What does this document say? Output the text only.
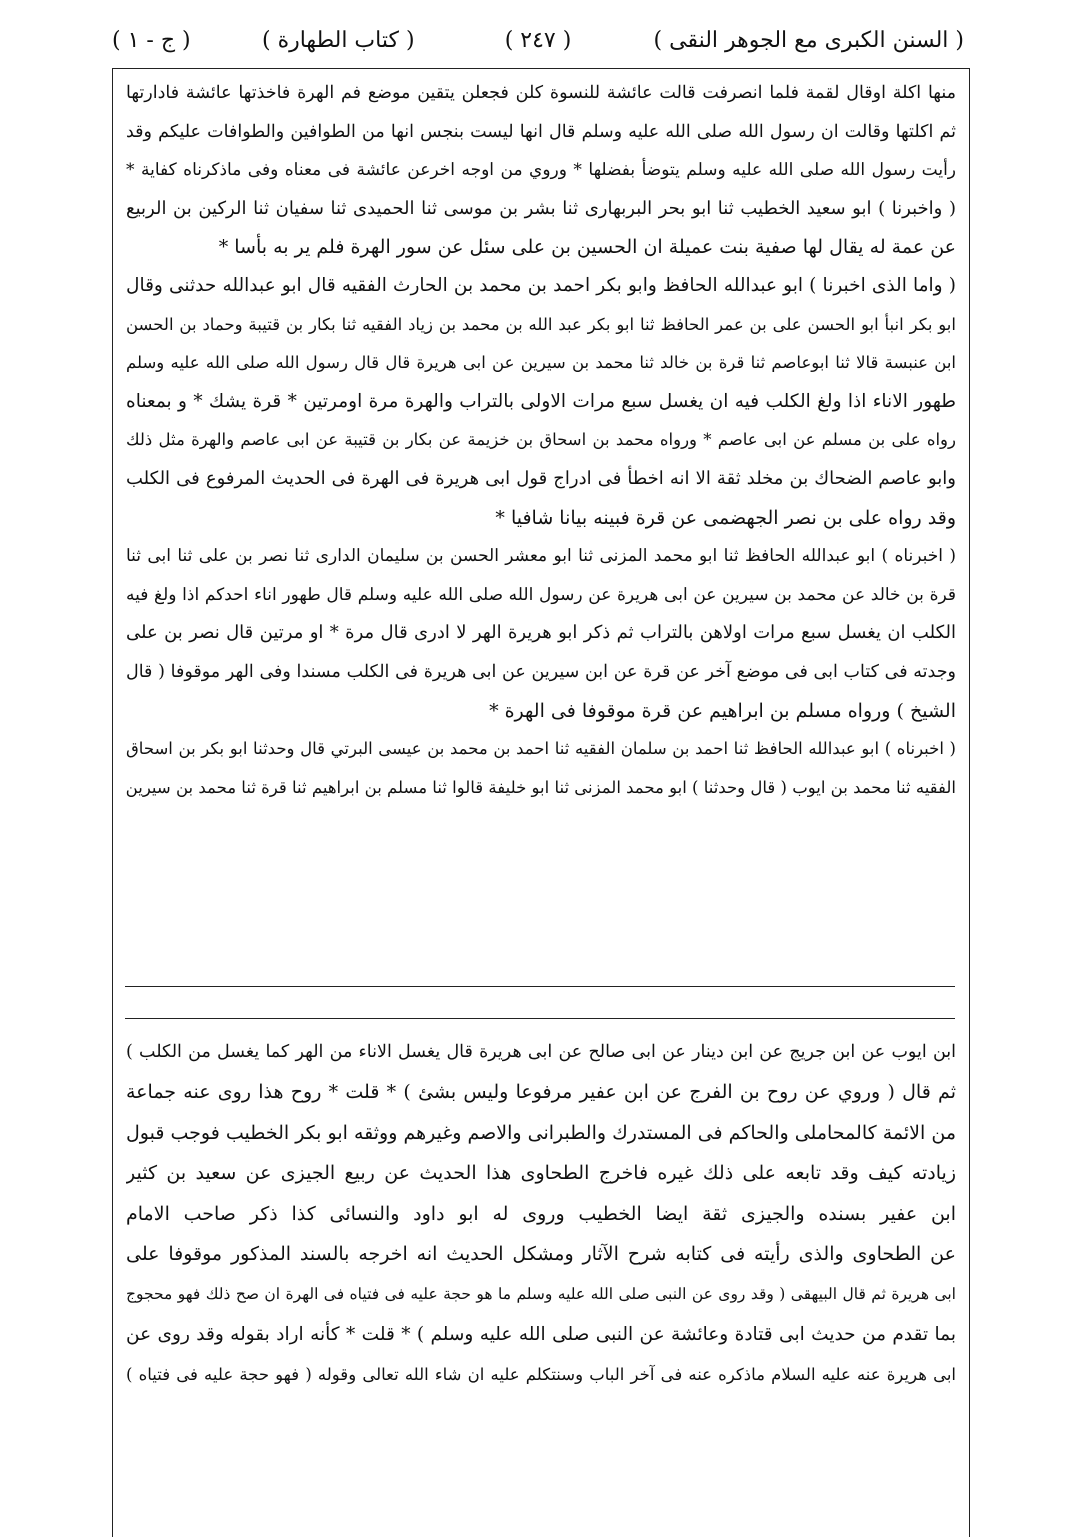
( السنن الكبرى مع الجوهر النقى )
( ٢٤٧ )
( كتاب الطهارة )
( ج - ١ )
منها اكلة اوقال لقمة فلما انصرفت قالت عائشة للنسوة كلن فجعلن يتقين موضع فم الهرة فاخذتها عائشة فادارتها
ثم اكلتها وقالت ان رسول الله صلى الله عليه وسلم قال انها ليست بنجس انها من الطوافين والطوافات عليكم وقد
رأيت رسول الله صلى الله عليه وسلم يتوضأ بفضلها * وروي من اوجه اخرعن عائشة فى معناه وفى ماذكرناه كفاية *
( واخبرنا ) ابو سعيد الخطيب ثنا ابو بحر البربهارى ثنا بشر بن موسى ثنا الحميدى ثنا سفيان ثنا الركين بن الربيع
عن عمة له يقال لها صفية بنت عميلة ان الحسين بن على سئل عن سور الهرة فلم ير به بأسا *
( واما الذى اخبرنا ) ابو عبدالله الحافظ وابو بكر احمد بن محمد بن الحارث الفقيه قال ابو عبدالله حدثنى وقال
ابو بكر انبأ ابو الحسن على بن عمر الحافظ ثنا ابو بكر عبد الله بن محمد بن زياد الفقيه ثنا بكار بن قتيبة وحماد بن الحسن
ابن عنبسة قالا ثنا ابوعاصم ثنا قرة بن خالد ثنا محمد بن سيرين عن ابى هريرة قال قال رسول الله صلى الله عليه وسلم
طهور الاناء اذا ولغ الكلب فيه ان يغسل سبع مرات الاولى بالتراب والهرة مرة اومرتين * قرة يشك * و بمعناه
رواه على بن مسلم عن ابى عاصم * ورواه محمد بن اسحاق بن خزيمة عن بكار بن قتيبة عن ابى عاصم والهرة مثل ذلك
وابو عاصم الضحاك بن مخلد ثقة الا انه اخطأ فى ادراج قول ابى هريرة فى الهرة فى الحديث المرفوع فى الكلب
وقد رواه على بن نصر الجهضمى عن قرة فبينه بيانا شافيا *
( اخبرناه ) ابو عبدالله الحافظ ثنا ابو محمد المزنى ثنا ابو معشر الحسن بن سليمان الدارى ثنا نصر بن على ثنا ابى ثنا
قرة بن خالد عن محمد بن سيرين عن ابى هريرة عن رسول الله صلى الله عليه وسلم قال طهور اناء احدكم اذا ولغ فيه
الكلب ان يغسل سبع مرات اولاهن بالتراب ثم ذكر ابو هريرة الهر لا ادرى قال مرة * او مرتين قال نصر بن على
وجدته فى كتاب ابى فى موضع آخر عن قرة عن ابن سيرين عن ابى هريرة فى الكلب مسندا وفى الهر موقوفا ( قال
الشيخ ) ورواه مسلم بن ابراهيم عن قرة موقوفا فى الهرة *
( اخبرناه ) ابو عبدالله الحافظ ثنا احمد بن سلمان الفقيه ثنا احمد بن محمد بن عيسى البرتي قال وحدثنا ابو بكر بن اسحاق
الفقيه ثنا محمد بن ايوب ( قال وحدثنا ) ابو محمد المزنى ثنا ابو خليفة قالوا ثنا مسلم بن ابراهيم ثنا قرة ثنا محمد بن سيرين
ابن ايوب عن ابن جريج عن ابن دينار عن ابى صالح عن ابى هريرة قال يغسل الاناء من الهر كما يغسل من الكلب )
ثم قال ( وروي عن روح بن الفرج عن ابن عفير مرفوعا وليس بشئ ) * قلت * روح هذا روى عنه جماعة
من الائمة كالمحاملى والحاكم فى المستدرك والطبرانى والاصم وغيرهم ووثقه ابو بكر الخطيب فوجب قبول
زيادته كيف وقد تابعه على ذلك غيره فاخرج الطحاوى هذا الحديث عن ربيع الجيزى عن سعيد بن كثير
ابن عفير بسنده والجيزى ثقة ايضا الخطيب وروى له ابو داود والنسائى كذا ذكر صاحب الامام
عن الطحاوى والذى رأيته فى كتابه شرح الآثار ومشكل الحديث انه اخرجه بالسند المذكور موقوفا على
ابى هريرة ثم قال البيهقى ( وقد روى عن النبى صلى الله عليه وسلم ما هو حجة عليه فى فتياه فى الهرة ان صح ذلك فهو محجوج
بما تقدم من حديث ابى قتادة وعائشة عن النبى صلى الله عليه وسلم ) * قلت * كأنه اراد بقوله وقد روى عن
ابى هريرة عنه عليه السلام ماذكره عنه فى آخر الباب وسنتكلم عليه ان شاء الله تعالى وقوله ( فهو حجة عليه فى فتياه )
